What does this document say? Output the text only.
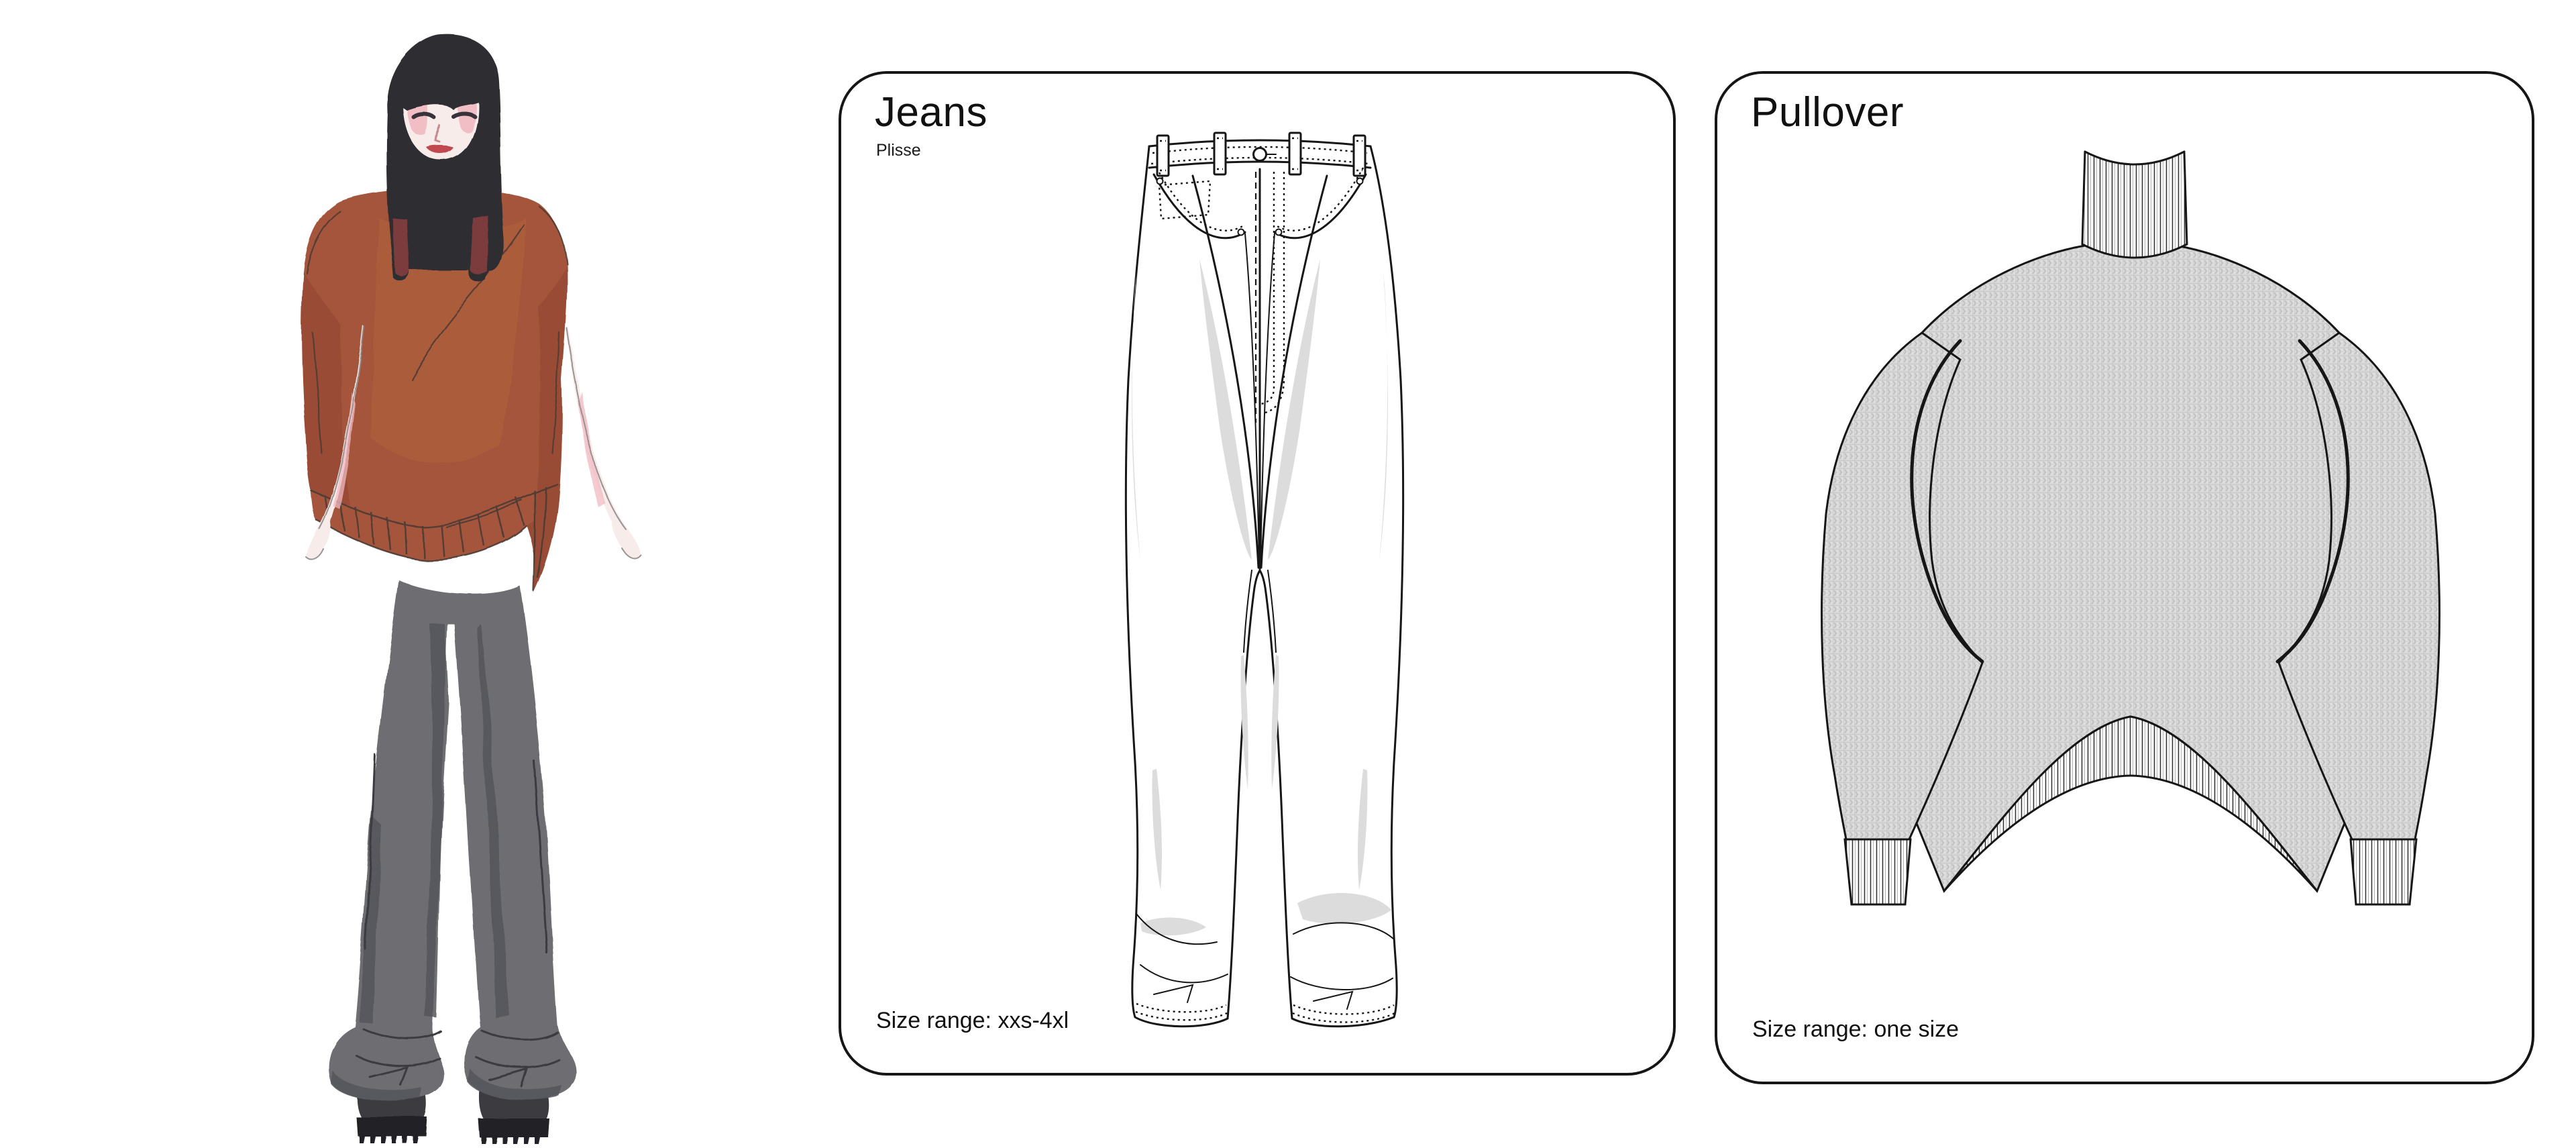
Jeans
Plisse
Size range: xxs-4xl
Pullover
Size range: one size
